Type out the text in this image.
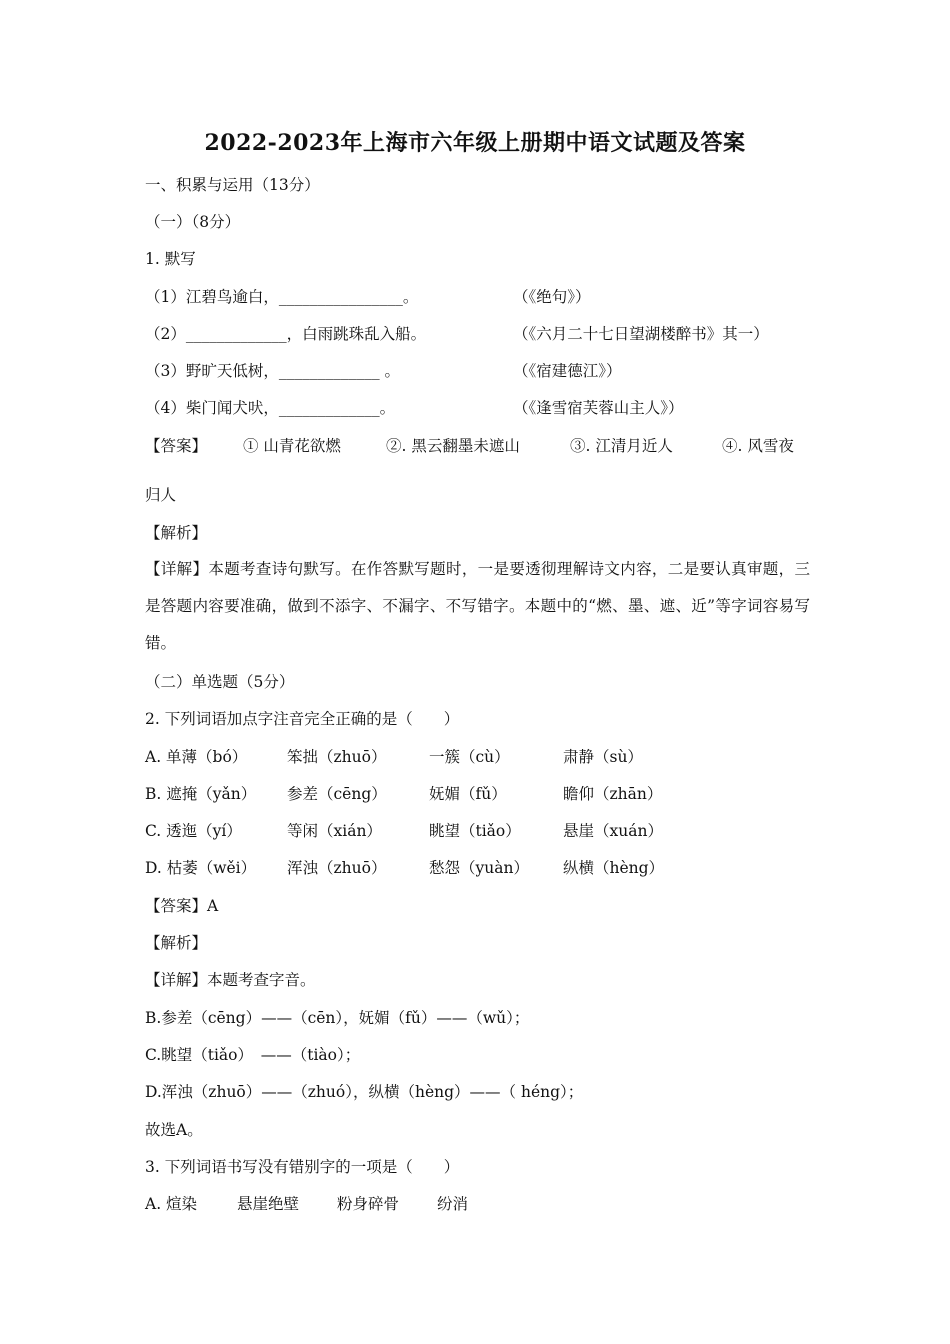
2022-2023年上海市六年级上册期中语文试题及答案
一、积累与运用（13分）
（一）（8分）
1. 默写
（1）江碧鸟逾白，________________。	（《绝句》）
（2）_____________，白雨跳珠乱入船。	（《六月二十七日望湖楼醉书》其一）
（3）野旷天低树，_____________ 。	（《宿建德江》）
（4）柴门闻犬吠，_____________。	（《逢雪宿芙蓉山主人》）
【答案】 ① 山青花欲燃	②. 黑云翻墨未遮山	③. 江清月近人	④. 风雪夜
归人
【解析】
【详解】本题考查诗句默写。在作答默写题时，一是要透彻理解诗文内容，二是要认真审题，三是答题内容要准确，做到不添字、不漏字、不写错字。本题中的“燃、墨、遮、近”等字词容易写错。
（二）单选题（5分）
2. 下列词语加点字注音完全正确的是（　　）
A. 单薄（bó）	笨拙（zhuō）	一簇（cù）	肃静（sù）
B. 遮掩（yǎn） 参差（cēng）	妩媚（fǔ）	瞻仰（zhān）
C. 透迤（yí）	等闲（xián）	眺望（tiǎo）	悬崖（xuán）
D. 枯萎（wěi） 浑浊（zhuō）	愁怨（yuàn） 纵横（hèng）
【答案】A
【解析】
【详解】本题考查字音。
B.参差（cēng）——（cēn），妩媚（fǔ）——（wǔ）；
C.眺望（tiǎo）　——（tiào）；
D.浑浊（zhuō）——（zhuó），纵横（hèng）——（ héng）；
故选A。
3. 下列词语书写没有错别字的一项是（　　）
A. 煊染	悬崖绝壁 粉身碎骨 纷消
